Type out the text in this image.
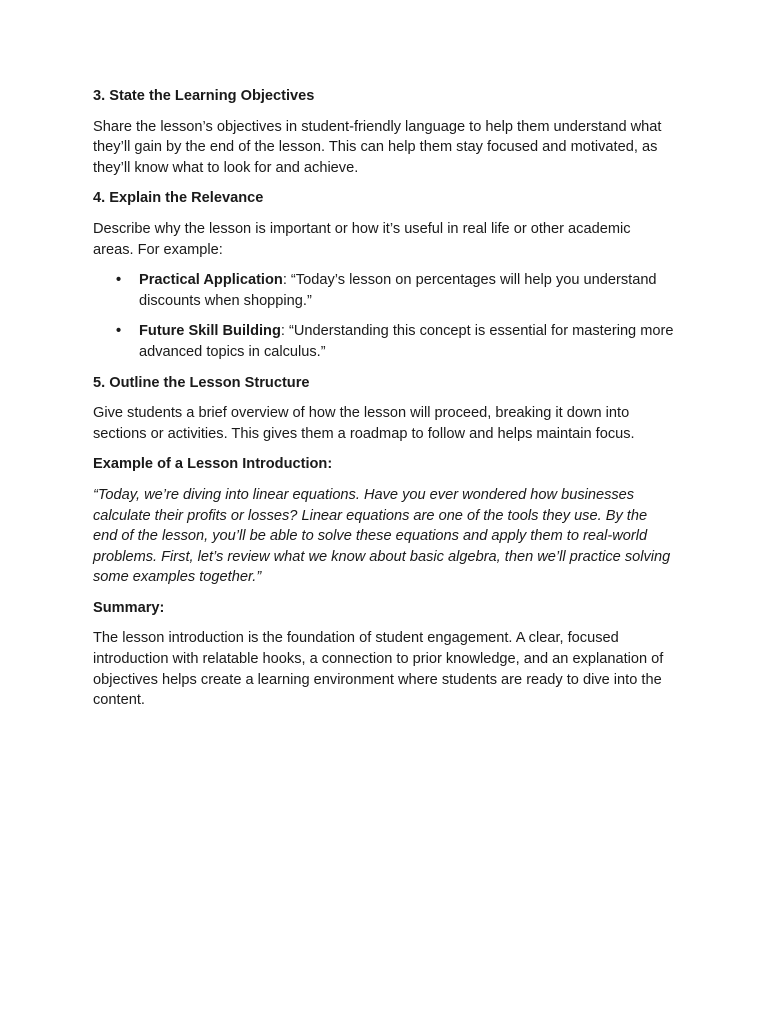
3. State the Learning Objectives

Share the lesson’s objectives in student-friendly language to help them understand what they’ll gain by the end of the lesson. This can help them stay focused and motivated, as they’ll know what to look for and achieve.

4. Explain the Relevance

Describe why the lesson is important or how it’s useful in real life or other academic areas. For example:

• Practical Application: “Today’s lesson on percentages will help you understand discounts when shopping.”
• Future Skill Building: “Understanding this concept is essential for mastering more advanced topics in calculus.”
5. Outline the Lesson Structure

Give students a brief overview of how the lesson will proceed, breaking it down into sections or activities. This gives them a roadmap to follow and helps maintain focus.

Example of a Lesson Introduction:

“Today, we’re diving into linear equations. Have you ever wondered how businesses calculate their profits or losses? Linear equations are one of the tools they use. By the end of the lesson, you’ll be able to solve these equations and apply them to real-world problems. First, let’s review what we know about basic algebra, then we’ll practice solving some examples together.”

Summary:

The lesson introduction is the foundation of student engagement. A clear, focused introduction with relatable hooks, a connection to prior knowledge, and an explanation of objectives helps create a learning environment where students are ready to dive into the content.
